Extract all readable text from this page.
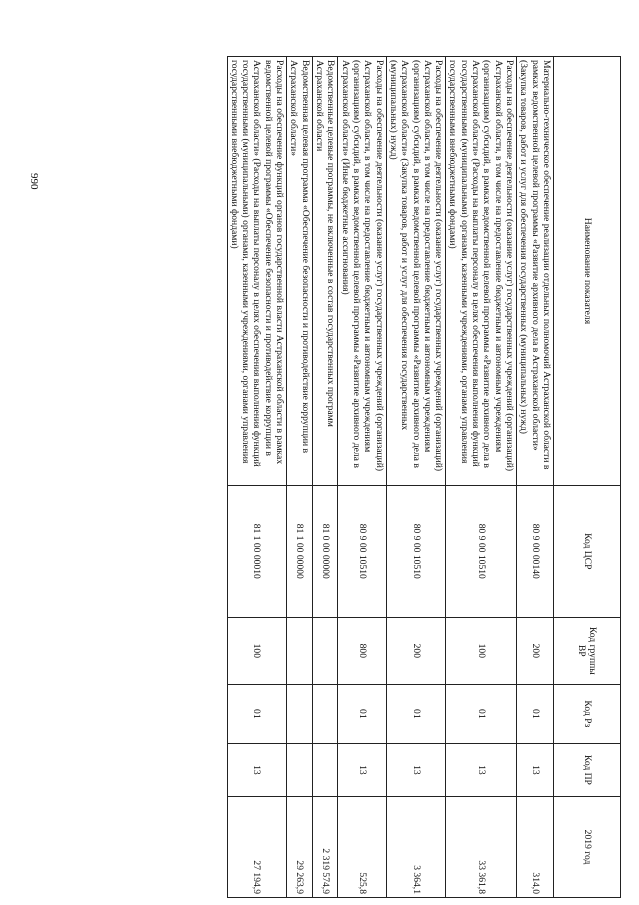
990
Наименование показателя	Код ЦСР	Код группы ВР	Код Рз	Код ПР	2019 год
Материально-техническое обеспечение реализации отдельных полномочий Астраханской области в рамках ведомственной целевой программы «Развитие архивного дела в Астраханской области» (Закупка товаров, работ и услуг для обеспечения государственных (муниципальных) нужд)	80 9 00 00140	200	01	13	314,0
Расходы на обеспечение деятельности (оказание услуг) государственных учреждений (организаций) Астраханской области, в том числе на предоставление бюджетным и автономным учреждениям (организациям) субсидий, в рамках ведомственной целевой программы «Развитие архивного дела в Астраханской области» (Расходы на выплаты персоналу в целях обеспечения выполнения функций государственными (муниципальными) органами, казенными учреждениями, органами управления государственными внебюджетными фондами)	80 9 00 10510	100	01	13	33 361,8
Расходы на обеспечение деятельности (оказание услуг) государственных учреждений (организаций) Астраханской области, в том числе на предоставление бюджетным и автономным учреждениям (организациям) субсидий, в рамках ведомственной целевой программы «Развитие архивного дела в Астраханской области» (Закупка товаров, работ и услуг для обеспечения государственных (муниципальных) нужд)	80 9 00 10510	200	01	13	3 364,1
Расходы на обеспечение деятельности (оказание услуг) государственных учреждений (организаций) Астраханской области, в том числе на предоставление бюджетным и автономным учреждениям (организациям) субсидий, в рамках ведомственной целевой программы «Развитие архивного дела в Астраханской области» (Иные бюджетные ассигнования)	80 9 00 10510	800	01	13	525,8
Ведомственные целевые программы, не включенные в состав государственных программ Астраханской области	81 0 00 00000				2 319 574,9
Ведомственная целевая программа «Обеспечение безопасности и противодействие коррупции в Астраханской области»	81 1 00 00000				29 263,9
Расходы на обеспечение функций органов государственной власти Астраханской области в рамках ведомственной целевой программы «Обеспечение безопасности и противодействие коррупции в Астраханской области» (Расходы на выплаты персоналу в целях обеспечения выполнения функций государственными (муниципальными) органами, казенными учреждениями, органами управления государственными внебюджетными фондами)	81 1 00 00010	100	01	13	27 194,9
